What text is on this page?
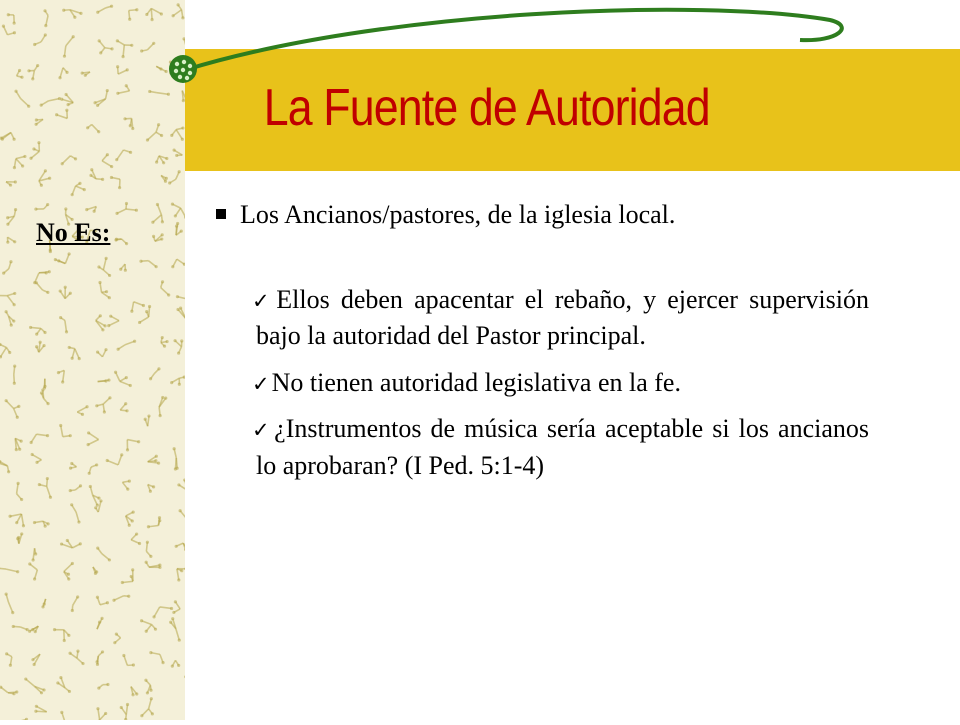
La Fuente de Autoridad
No Es:
Los Ancianos/pastores, de la iglesia local.
✓Ellos deben apacentar el rebaño, y ejercer supervisión bajo la autoridad del Pastor principal.
✓No tienen autoridad legislativa en la fe.
✓¿Instrumentos de música sería aceptable si los ancianos lo aprobaran? (I Ped. 5:1-4)
